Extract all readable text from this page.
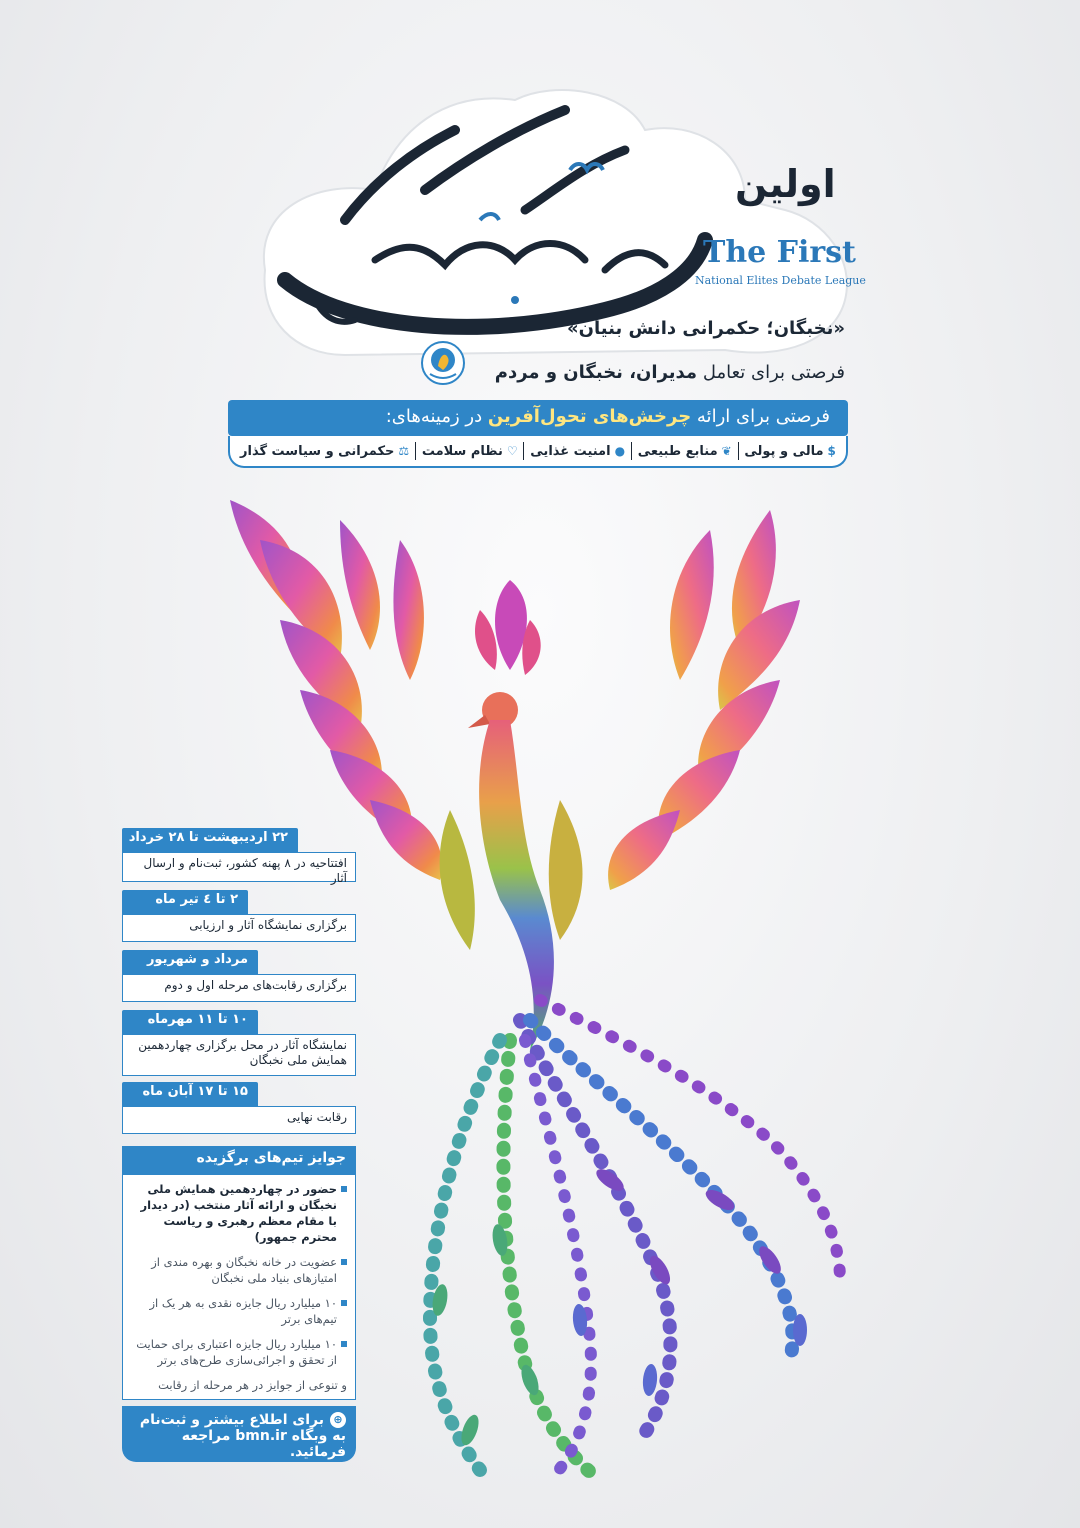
اولین
The First
National Elites Debate League
«نخبگان؛ حکمرانی دانش بنیان»
فرصتی برای تعامل مدیران، نخبگان و مردم
فرصتی برای ارائه چرخش‌های تحول‌آفرین در زمینه‌های:
$
مالی و پولی
❦
منابع طبیعی
●
امنیت غذایی
♡
نظام سلامت
⚖
حکمرانی و سیاست گذار
۲۲ اردیبهشت تا ۲۸ خرداد
افتتاحیه در ۸ پهنه کشور، ثبت‌نام و ارسال آثار
۲ تا ٤ تیر ماه
برگزاری نمایشگاه آثار و ارزیابی
مرداد و شهریور
برگزاری رقابت‌های مرحله اول و دوم
۱۰ تا ۱۱ مهرماه
نمایشگاه آثار در محل برگزاری چهاردهمین همایش ملی نخبگان
۱۵ تا ۱۷ آبان ماه
رقابت نهایی
جوایز تیم‌های برگزیده
حضور در چهاردهمین همایش ملی نخبگان و ارائه آثار منتخب (در دیدار با مقام معظم رهبری و ریاست محترم جمهور)
عضویت در خانه نخبگان و بهره مندی از امتیازهای بنیاد ملی نخبگان
۱۰ میلیارد ریال جایزه نقدی به هر یک از تیم‌های برتر
۱۰ میلیارد ریال جایزه اعتباری برای حمایت از تحقق و اجرائی‌سازی طرح‌های برتر
و تنوعی از جوایز در هر مرحله از رقابت
⊕
برای اطلاع بیشتر و ثبت‌نام
به وبگاه bmn.ir مراجعه فرمائید.
